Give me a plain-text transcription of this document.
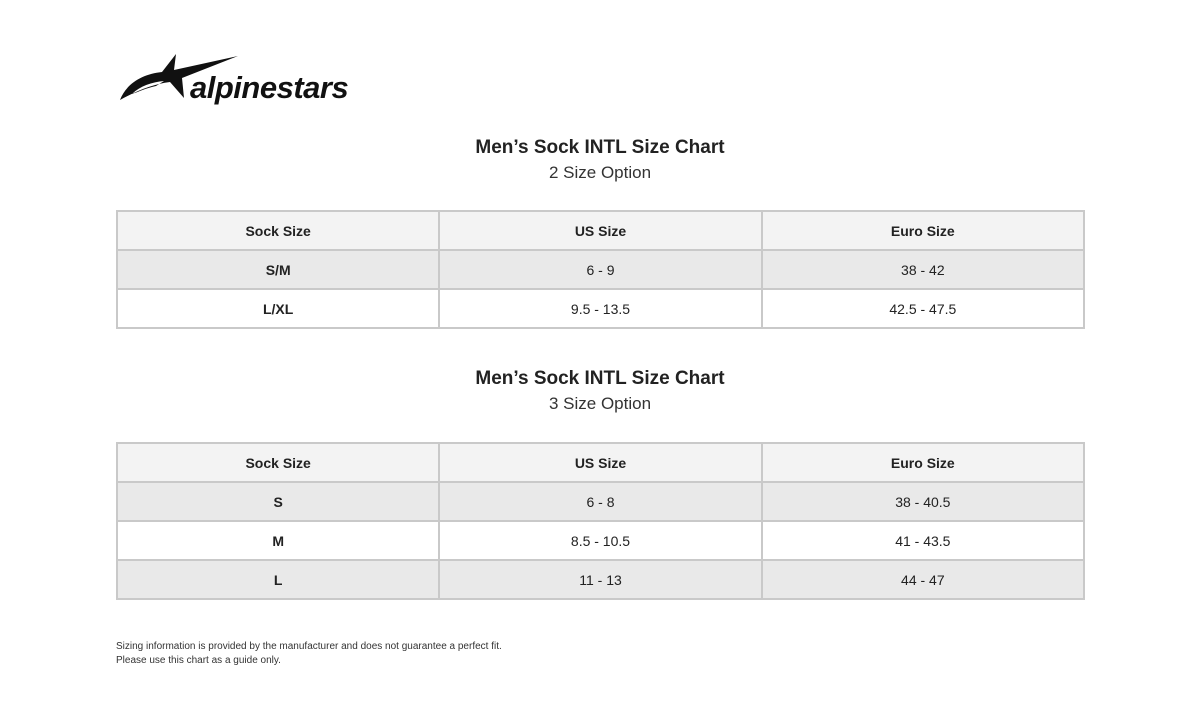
alpinestars
Men’s Sock INTL Size Chart
2 Size Option
Sock Size	US Size	Euro Size
S/M	6 - 9	38 - 42
L/XL	9.5 - 13.5	42.5 - 47.5
Men’s Sock INTL Size Chart
3 Size Option
Sock Size	US Size	Euro Size
S	6 - 8	38 - 40.5
M	8.5 - 10.5	41 - 43.5
L	11 - 13	44 - 47
Sizing information is provided by the manufacturer and does not guarantee a perfect fit.
Please use this chart as a guide only.
